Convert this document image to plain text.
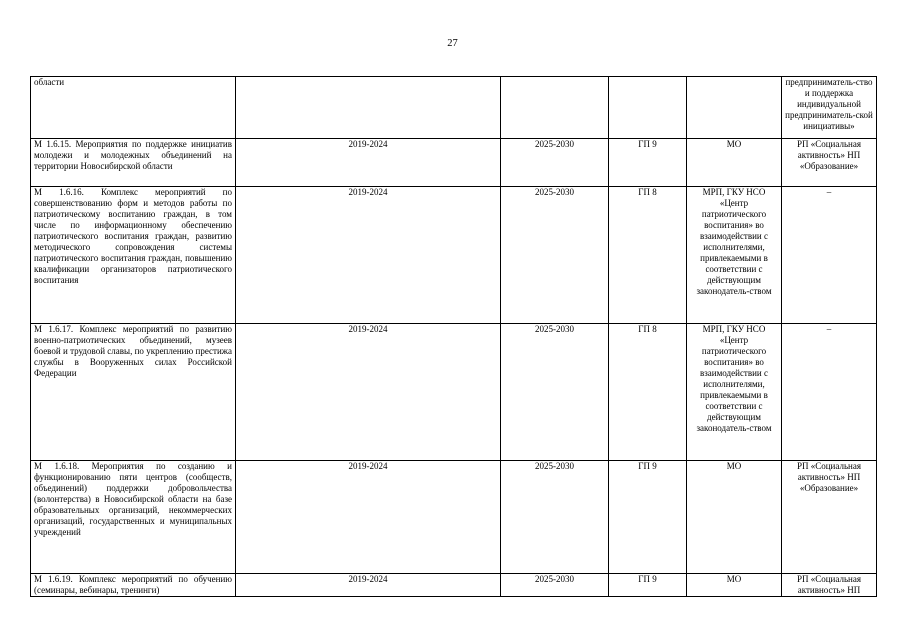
27
области					предприниматель-ство и поддержка индивидуальной предприниматель-ской инициативы»
М 1.6.15. Мероприятия по поддержке инициатив молодежи и молодежных объединений на территории Новосибирской области	2019-2024	2025-2030	ГП 9	МО	РП «Социальная активность» НП «Образование»
М 1.6.16. Комплекс мероприятий по совершенствованию форм и методов работы по патриотическому воспитанию граждан, в том числе по информационному обеспечению патриотического воспитания граждан, развитию методического сопровождения системы патриотического воспитания граждан, повышению квалификации организаторов патриотического воспитания	2019-2024	2025-2030	ГП 8	МРП, ГКУ НСО «Центр патриотического воспитания» во взаимодействии с исполнителями, привлекаемыми в соответствии с действующим законодатель-ством	–
М 1.6.17. Комплекс мероприятий по развитию военно-патриотических объединений, музеев боевой и трудовой славы, по укреплению престижа службы в Вооруженных силах Российской Федерации	2019-2024	2025-2030	ГП 8	МРП, ГКУ НСО «Центр патриотического воспитания» во взаимодействии с исполнителями, привлекаемыми в соответствии с действующим законодатель-ством	–
М 1.6.18. Мероприятия по созданию и функционированию пяти центров (сообществ, объединений) поддержки добровольчества (волонтерства) в Новосибирской области на базе образовательных организаций, некоммерческих организаций, государственных и муниципальных учреждений	2019-2024	2025-2030	ГП 9	МО	РП «Социальная активность» НП «Образование»
М 1.6.19. Комплекс мероприятий по обучению (семинары, вебинары, тренинги)	2019-2024	2025-2030	ГП 9	МО	РП «Социальная активность» НП
